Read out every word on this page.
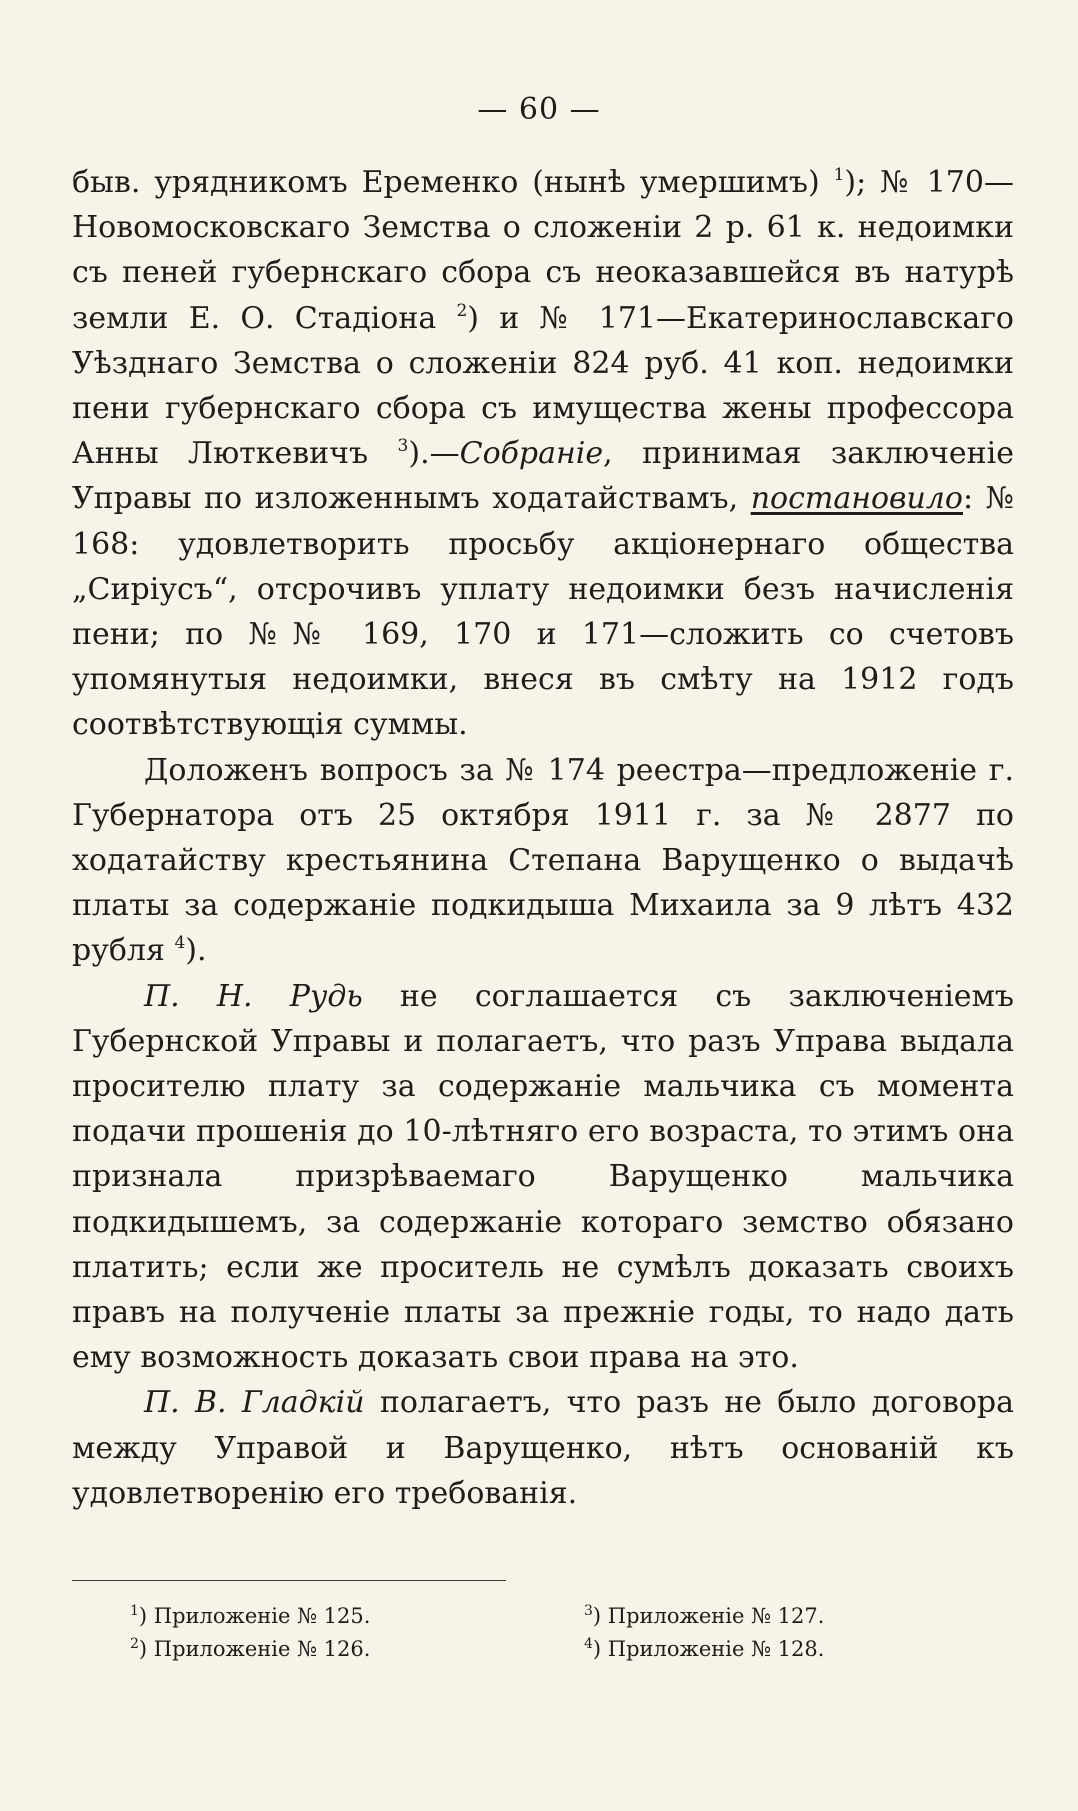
— 60 —

быв. урядникомъ Еременко (нынѣ умершимъ) $^1$); № 170—Новомосковскаго Земства о сложеніи 2 р. 61 к. недоимки съ пеней губернскаго сбора съ неоказавшейся въ натурѣ земли Е. О. Стадіона $^2$) и № 171—Екатеринославскаго Уѣзднаго Земства о сложеніи 824 руб. 41 коп. недоимки пени губернскаго сбора съ имущества жены профессора Анны Люткевичъ $^3$).—Собраніе, принимая заключеніе Управы по изложеннымъ ходатайствамъ, постановило: № 168: удовлетворить просьбу акціонернаго общества „Сиріусъ“, отсрочивъ уплату недоимки безъ начисленія пени; по №№ 169, 170 и 171—сложить со счетовъ упомянутыя недоимки, внеся въ смѣту на 1912 годъ соотвѣтствующія суммы.

Доложенъ вопросъ за № 174 реестра—предложеніе г. Губернатора отъ 25 октября 1911 г. за № 2877 по ходатайству крестьянина Степана Варущенко о выдачѣ платы за содержаніе подкидыша Михаила за 9 лѣтъ 432 рубля $^4$).

П. Н. Рудь не соглашается съ заключеніемъ Губернской Управы и полагаетъ, что разъ Управа выдала просителю плату за содержаніе мальчика съ момента подачи прошенія до 10-лѣтняго его возраста, то этимъ она признала призрѣваемаго Варущенко мальчика подкидышемъ, за содержаніе котораго земство обязано платить; если же проситель не сумѣлъ доказать своихъ правъ на полученіе платы за прежніе годы, то надо дать ему возможность доказать свои права на это.

П. В. Гладкій полагаетъ, что разъ не было договора между Управой и Варущенко, нѣтъ основаній къ удовлетворенію его требованія.

$^1$) Приложеніе № 125.
$^2$) Приложеніе № 126.
$^3$) Приложеніе № 127.
$^4$) Приложеніе № 128.
